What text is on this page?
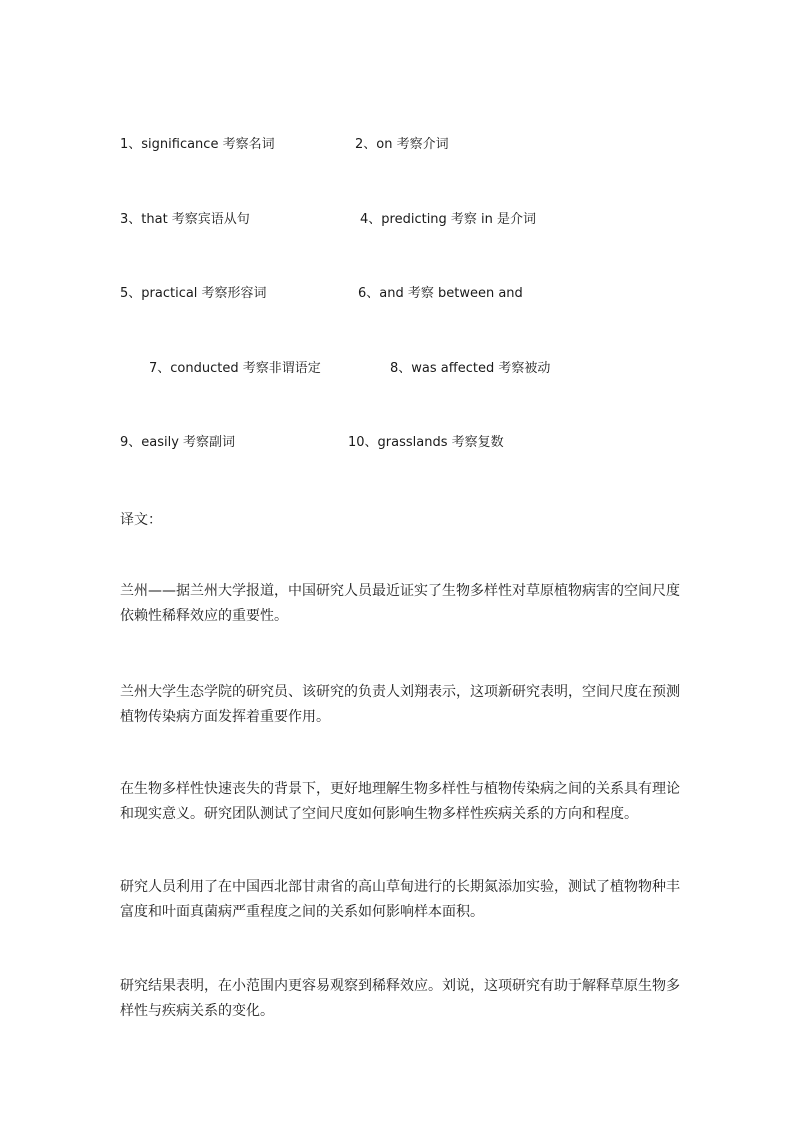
1、significance 考察名词	2、on 考察介词
3、that 考察宾语从句	4、predicting 考察 in 是介词
5、practical 考察形容词	6、and 考察 between and
7、conducted 考察非谓语定	8、was affected 考察被动
9、easily 考察副词	10、grasslands 考察复数
译文：

兰州——据兰州大学报道，中国研究人员最近证实了生物多样性对草原植物病害的空间尺度依赖性稀释效应的重要性。

兰州大学生态学院的研究员、该研究的负责人刘翔表示，这项新研究表明，空间尺度在预测植物传染病方面发挥着重要作用。

在生物多样性快速丧失的背景下，更好地理解生物多样性与植物传染病之间的关系具有理论和现实意义。研究团队测试了空间尺度如何影响生物多样性疾病关系的方向和程度。

研究人员利用了在中国西北部甘肃省的高山草甸进行的长期氮添加实验，测试了植物物种丰富度和叶面真菌病严重程度之间的关系如何影响样本面积。

研究结果表明，在小范围内更容易观察到稀释效应。刘说，这项研究有助于解释草原生物多样性与疾病关系的变化。
